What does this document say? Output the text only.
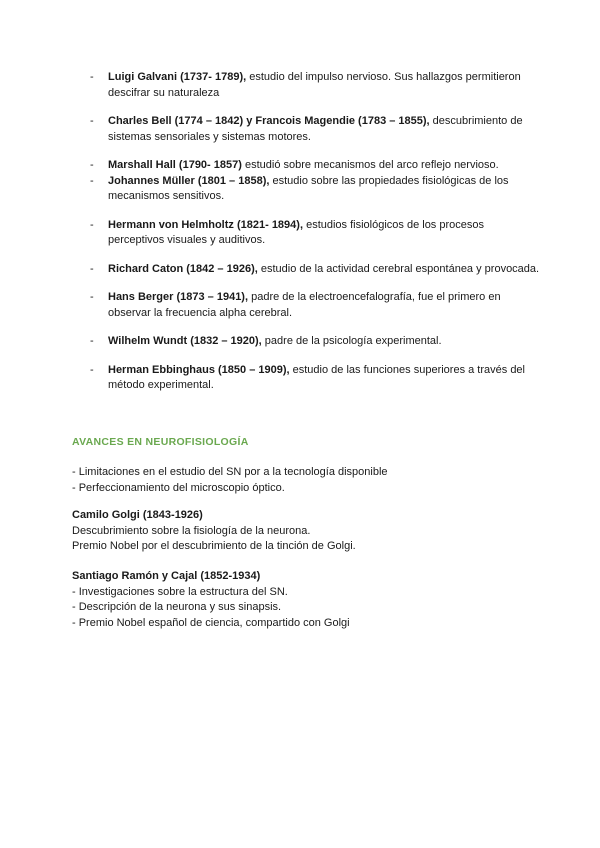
- Luigi Galvani (1737- 1789), estudio del impulso nervioso. Sus hallazgos permitieron descifrar su naturaleza
- Charles Bell (1774 – 1842) y Francois Magendie (1783 – 1855), descubrimiento de sistemas sensoriales y sistemas motores.
- Marshall Hall (1790- 1857) estudió sobre mecanismos del arco reflejo nervioso.
- Johannes Müller (1801 – 1858), estudio sobre las propiedades fisiológicas de los mecanismos sensitivos.
- Hermann von Helmholtz (1821- 1894), estudios fisiológicos de los procesos perceptivos visuales y auditivos.
- Richard Caton (1842 – 1926), estudio de la actividad cerebral espontánea y provocada.
- Hans Berger (1873 – 1941), padre de la electroencefalografía, fue el primero en observar la frecuencia alpha cerebral.
- Wilhelm Wundt (1832 – 1920), padre de la psicología experimental.
- Herman Ebbinghaus (1850 – 1909), estudio de las funciones superiores a través del método experimental.
AVANCES EN NEUROFISIOLOGÍA

- Limitaciones en el estudio del SN por a la tecnología disponible

- Perfeccionamiento del microscopio óptico.

Camilo Golgi (1843-1926)

Descubrimiento sobre la fisiología de la neurona.

Premio Nobel por el descubrimiento de la tinción de Golgi.

Santiago Ramón y Cajal (1852-1934)

- Investigaciones sobre la estructura del SN.

- Descripción de la neurona y sus sinapsis.

- Premio Nobel español de ciencia, compartido con Golgi
